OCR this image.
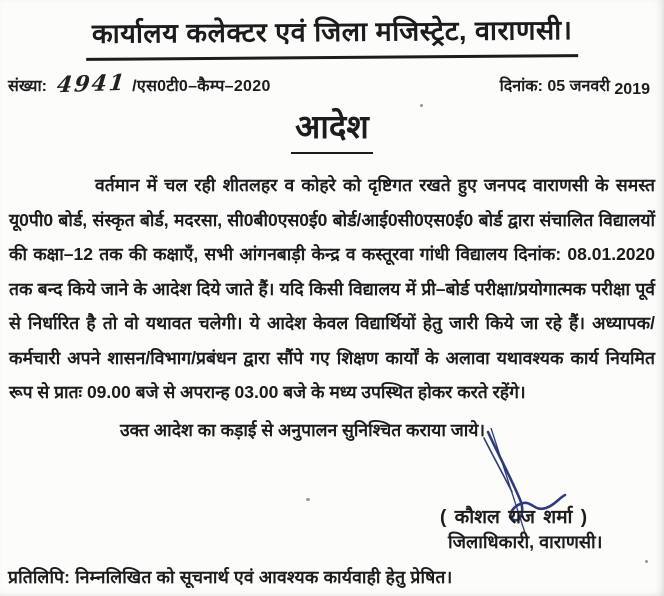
कार्यालय कलेक्टर एवं जिला मजिस्ट्रेट, वाराणसी।
संख्या: 4941 /एस0टी0–कैम्प–2020	दिनांक: 05 जनवरी 2019
आदेश
वर्तमान में चल रही शीतलहर व कोहरे को दृष्टिगत रखते हुए जनपद वाराणसी के समस्त यू0पी0 बोर्ड, संस्कृत बोर्ड, मदरसा, सी0बी0एस0ई0 बोर्ड/आई0सी0एस0ई0 बोर्ड द्वारा संचालित विद्यालयों की कक्षा–12 तक की कक्षाएँ, सभी आंगनबाड़ी केन्द्र व कस्तूरवा गांधी विद्यालय दिनांक: 08.01.2020 तक बन्द किये जाने के आदेश दिये जाते हैं। यदि किसी विद्यालय में प्री–बोर्ड परीक्षा/प्रयोगात्मक परीक्षा पूर्व से निर्धारित है तो वो यथावत चलेगी। ये आदेश केवल विद्यार्थियों हेतु जारी किये जा रहे हैं। अध्यापक/कर्मचारी अपने शासन/विभाग/प्रबंधन द्वारा सौंपे गए शिक्षण कार्यों के अलावा यथावश्यक कार्य नियमित रूप से प्रातः 09.00 बजे से अपरान्ह 03.00 बजे के मध्य उपस्थित होकर करते रहेंगे।
उक्त आदेश का कड़ाई से अनुपालन सुनिश्चित कराया जाये।
( कौशल राज शर्मा )
जिलाधिकारी, वाराणसी।
प्रतिलिपि: निम्नलिखित को सूचनार्थ एवं आवश्यक कार्यवाही हेतु प्रेषित।
